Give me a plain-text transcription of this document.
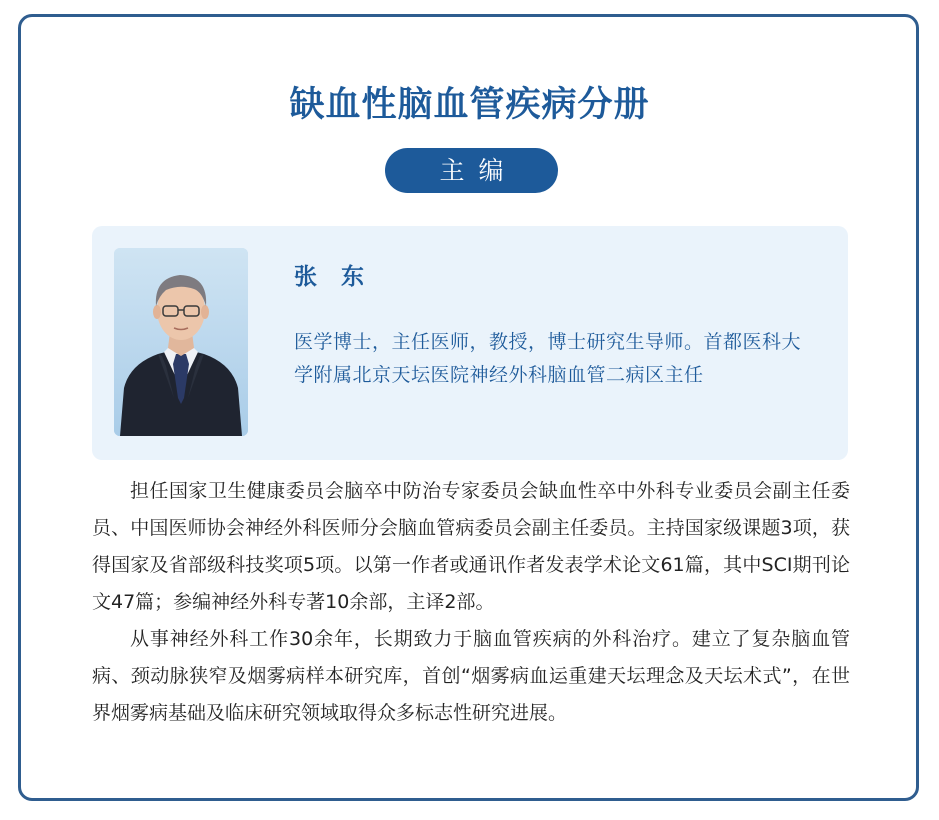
缺血性脑血管疾病分册
主编
张 东
医学博士，主任医师，教授，博士研究生导师。首都医科大学附属北京天坛医院神经外科脑血管二病区主任

担任国家卫生健康委员会脑卒中防治专家委员会缺血性卒中外科专业委员会副主任委员、中国医师协会神经外科医师分会脑血管病委员会副主任委员。主持国家级课题3项，获得国家及省部级科技奖项5项。以第一作者或通讯作者发表学术论文61篇，其中SCI期刊论文47篇；参编神经外科专著10余部，主译2部。

从事神经外科工作30余年，长期致力于脑血管疾病的外科治疗。建立了复杂脑血管病、颈动脉狭窄及烟雾病样本研究库，首创“烟雾病血运重建天坛理念及天坛术式”，在世界烟雾病基础及临床研究领域取得众多标志性研究进展。
